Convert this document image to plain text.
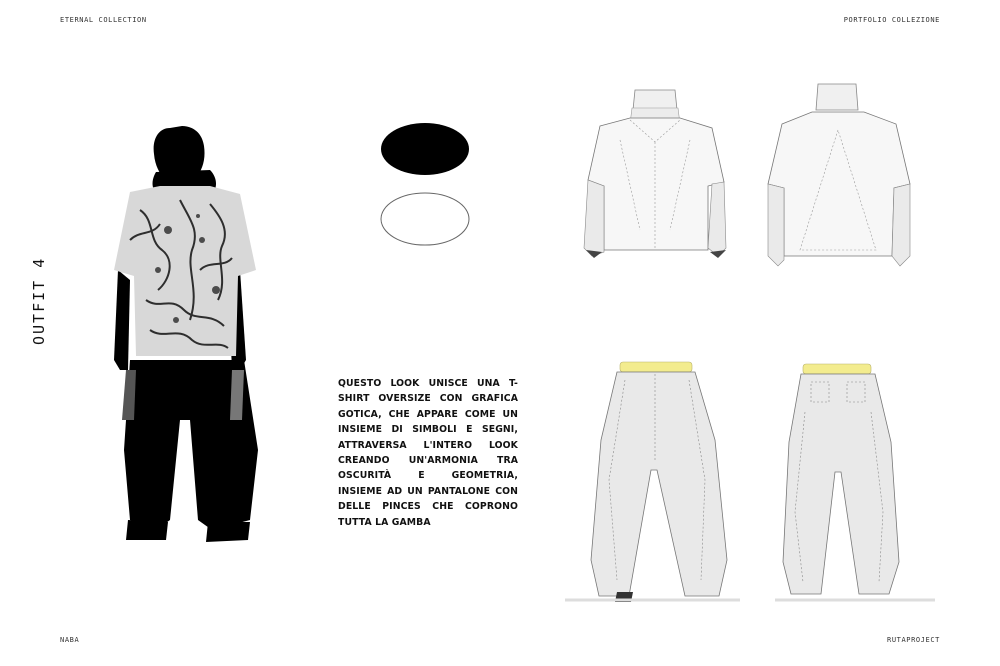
ETERNAL COLLECTION	PORTFOLIO COLLEZIONE
NABA	RUTAPROJECT
OUTFIT 4
QUESTO LOOK UNISCE UNA T-SHIRT OVERSIZE CON GRAFICA GOTICA, CHE APPARE COME UN INSIEME DI SIMBOLI E SEGNI, ATTRAVERSA L'INTERO LOOK CREANDO UN'ARMONIA TRA OSCURITÀ E GEOMETRIA, INSIEME AD UN PANTALONE CON DELLE PINCES CHE COPRONO TUTTA LA GAMBA
